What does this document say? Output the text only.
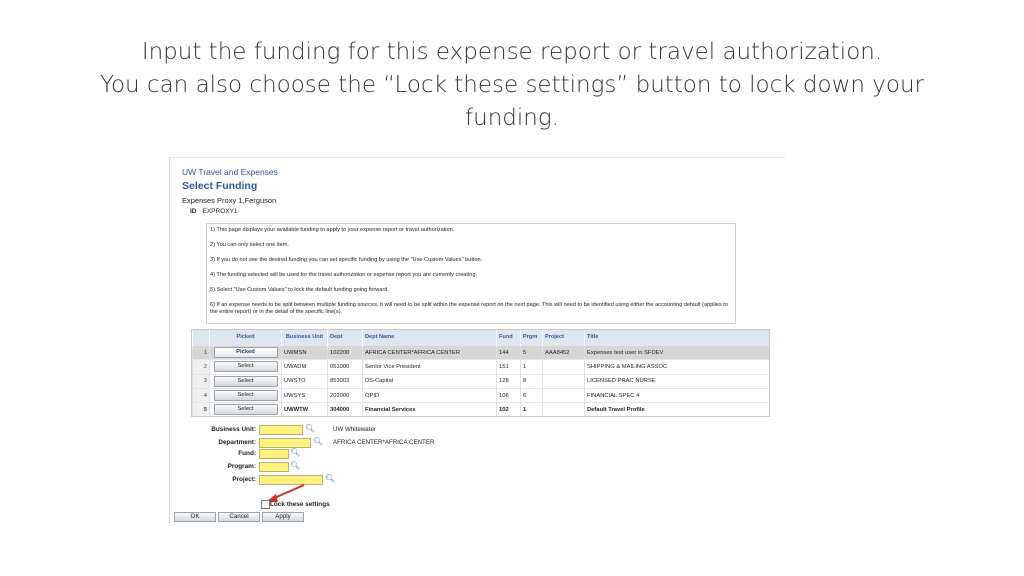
Input the funding for this expense report or travel authorization.
You can also choose the “Lock these settings” button to lock down your
funding.
UW Travel and Expenses
Select Funding
Expenses Proxy 1,Ferguson
ID EXPROXY1

1) This page displays your available funding to apply to your expense report or travel authorization.

2) You can only select one item.

3) If you do not see the desired funding you can set specific funding by using the "Use Custom Values" button.

4) The funding selected will be used for the travel authorization or expense report you are currently creating.

5) Select "Use Custom Values" to lock the default funding going forward.

6) If an expense needs to be split between multiple funding sources, it will need to be split within the expense report on the next page. This will need to be identified using either the accounting default (applies to the entire report) or in the detail of the specific line(s).

	Picked	Business Unit	Dept	Dept Name	Fund	Prgm	Project	Title
1	Picked	UWMSN	102200	AFRICA CENTER*AFRICA CENTER	144	5	AAA8452	Expenses test user in SFDEV
2	Select	UWADM	051000	Senior Vice President	151	1		SHIPPING & MAILING ASSOC
3	Select	UWSTO	853003	DS-Capital	128	8		LICENSED PRAC NURSE
4	Select	UWSYS	202000	OPID	106	6		FINANCIAL SPEC 4
5	Select	UWWTW	304000	Financial Services	102	1		Default Travel Profile
Business Unit:	🔍︎	UW Whitewater
Department:	🔍︎ AFRICA CENTER*AFRICA CENTER
Fund:	🔍︎
Program:	🔍︎
Project:	🔍︎
Lock these settings
OK	Cancel	Apply
